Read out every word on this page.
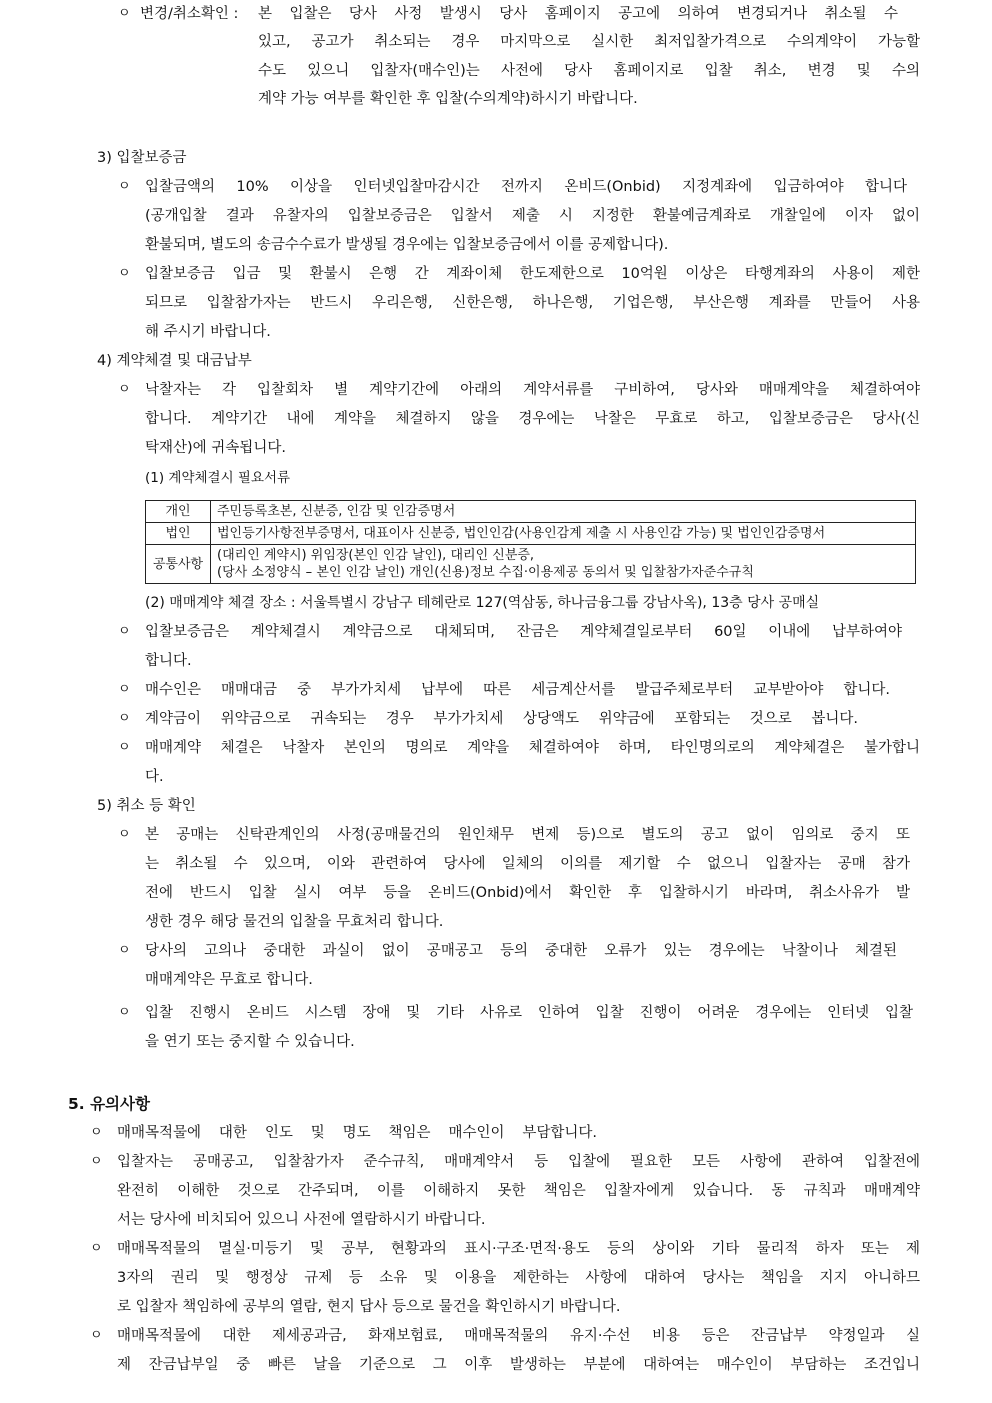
ㅇ 변경/취소확인 : 본 입찰은 당사 사정 발생시 당사 홈페이지 공고에 의하여 변경되거나 취소될 수
있고, 공고가 취소되는 경우 마지막으로 실시한 최저입찰가격으로 수의계약이 가능할
수도 있으니 입찰자(매수인)는 사전에 당사 홈페이지로 입찰 취소, 변경 및 수의
계약 가능 여부를 확인한 후 입찰(수의계약)하시기 바랍니다.
3) 입찰보증금
ㅇ 입찰금액의 10% 이상을 인터넷입찰마감시간 전까지 온비드(Onbid) 지정계좌에 입금하여야 합니다
(공개입찰 결과 유찰자의 입찰보증금은 입찰서 제출 시 지정한 환불예금계좌로 개찰일에 이자 없이
환불되며, 별도의 송금수수료가 발생될 경우에는 입찰보증금에서 이를 공제합니다).
ㅇ 입찰보증금 입금 및 환불시 은행 간 계좌이체 한도제한으로 10억원 이상은 타행계좌의 사용이 제한
되므로 입찰참가자는 반드시 우리은행, 신한은행, 하나은행, 기업은행, 부산은행 계좌를 만들어 사용
해 주시기 바랍니다.
4) 계약체결 및 대금납부
ㅇ 낙찰자는 각 입찰회차 별 계약기간에 아래의 계약서류를 구비하여, 당사와 매매계약을 체결하여야
합니다. 계약기간 내에 계약을 체결하지 않을 경우에는 낙찰은 무효로 하고, 입찰보증금은 당사(신
탁재산)에 귀속됩니다.
(1) 계약체결시 필요서류
개인	주민등록초본, 신분증, 인감 및 인감증명서
법인	법인등기사항전부증명서, 대표이사 신분증, 법인인감(사용인감계 제출 시 사용인감 가능) 및 법인인감증명서
공통사항	(대리인 계약시) 위임장(본인 인감 날인), 대리인 신분증,
(당사 소정양식 – 본인 인감 날인) 개인(신용)정보 수집·이용제공 동의서 및 입찰참가자준수규칙
(2) 매매계약 체결 장소 : 서울특별시 강남구 테헤란로 127(역삼동, 하나금융그룹 강남사옥), 13층 당사 공매실
ㅇ 입찰보증금은 계약체결시 계약금으로 대체되며, 잔금은 계약체결일로부터 60일 이내에 납부하여야
합니다.
ㅇ 매수인은 매매대금 중 부가가치세 납부에 따른 세금계산서를 발급주체로부터 교부받아야 합니다.
ㅇ 계약금이 위약금으로 귀속되는 경우 부가가치세 상당액도 위약금에 포함되는 것으로 봅니다.
ㅇ 매매계약 체결은 낙찰자 본인의 명의로 계약을 체결하여야 하며, 타인명의로의 계약체결은 불가합니
다.
5) 취소 등 확인
ㅇ 본 공매는 신탁관계인의 사정(공매물건의 원인채무 변제 등)으로 별도의 공고 없이 임의로 중지 또
는 취소될 수 있으며, 이와 관련하여 당사에 일체의 이의를 제기할 수 없으니 입찰자는 공매 참가
전에 반드시 입찰 실시 여부 등을 온비드(Onbid)에서 확인한 후 입찰하시기 바라며, 취소사유가 발
생한 경우 해당 물건의 입찰을 무효처리 합니다.
ㅇ 당사의 고의나 중대한 과실이 없이 공매공고 등의 중대한 오류가 있는 경우에는 낙찰이나 체결된
매매계약은 무효로 합니다.
ㅇ 입찰 진행시 온비드 시스템 장애 및 기타 사유로 인하여 입찰 진행이 어려운 경우에는 인터넷 입찰
을 연기 또는 중지할 수 있습니다.
5. 유의사항
ㅇ 매매목적물에 대한 인도 및 명도 책임은 매수인이 부담합니다.
ㅇ 입찰자는 공매공고, 입찰참가자 준수규칙, 매매계약서 등 입찰에 필요한 모든 사항에 관하여 입찰전에
완전히 이해한 것으로 간주되며, 이를 이해하지 못한 책임은 입찰자에게 있습니다. 동 규칙과 매매계약
서는 당사에 비치되어 있으니 사전에 열람하시기 바랍니다.
ㅇ 매매목적물의 멸실·미등기 및 공부, 현황과의 표시·구조·면적·용도 등의 상이와 기타 물리적 하자 또는 제
3자의 권리 및 행정상 규제 등 소유 및 이용을 제한하는 사항에 대하여 당사는 책임을 지지 아니하므
로 입찰자 책임하에 공부의 열람, 현지 답사 등으로 물건을 확인하시기 바랍니다.
ㅇ 매매목적물에 대한 제세공과금, 화재보험료, 매매목적물의 유지·수선 비용 등은 잔금납부 약정일과 실
제 잔금납부일 중 빠른 날을 기준으로 그 이후 발생하는 부분에 대하여는 매수인이 부담하는 조건입니
